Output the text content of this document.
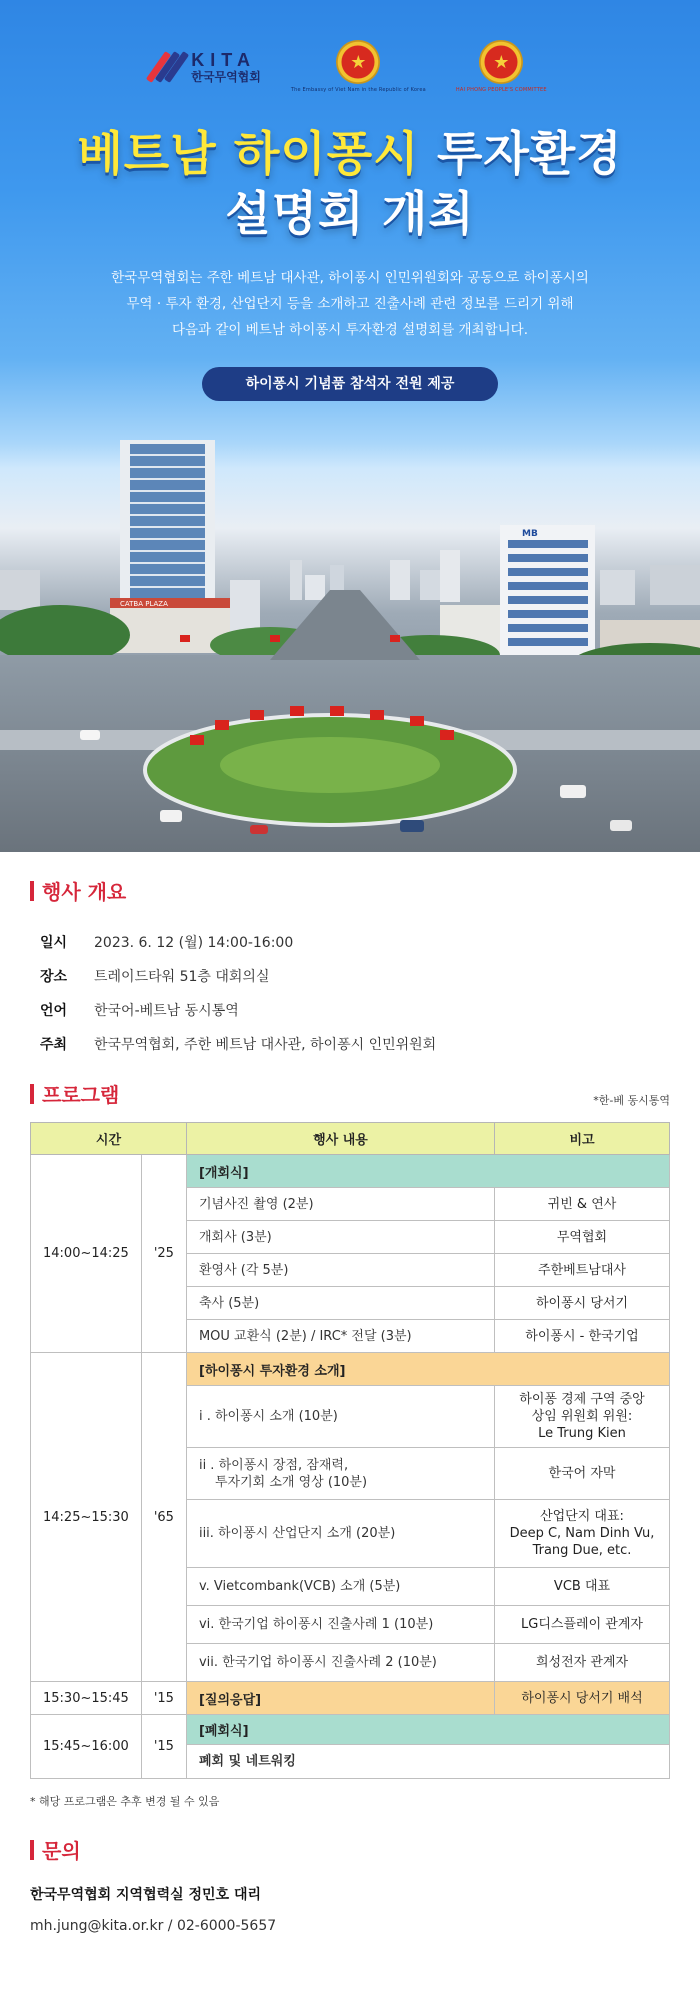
KITA
한국무역협회
★
The Embassy of Viet Nam in the Republic of Korea
★
HAI PHONG PEOPLE'S COMMITTEE
베트남 하이퐁시 투자환경
설명회 개최
한국무역협회는 주한 베트남 대사관, 하이퐁시 인민위원회와 공동으로 하이퐁시의
무역 · 투자 환경, 산업단지 등을 소개하고 진출사례 관련 정보를 드리기 위해
다음과 같이 베트남 하이퐁시 투자환경 설명회를 개최합니다.
하이퐁시 기념품 참석자 전원 제공
CATBA PLAZA
MB
행사 개요
일시	2023. 6. 12 (월) 14:00-16:00
장소	트레이드타워 51층 대회의실
언어	한국어-베트남 동시통역
주최	한국무역협회, 주한 베트남 대사관, 하이퐁시 인민위원회
프로그램	*한-베 동시통역
시간		행사 내용	비고
14:00~14:25	'25	[개회식]	
		기념사진 촬영 (2분)	귀빈 & 연사
		개회사 (3분)	무역협회
		환영사 (각 5분)	주한베트남대사
		축사 (5분)	하이퐁시 당서기
		MOU 교환식 (2분) / IRC* 전달 (3분)	하이퐁시 - 한국기업
14:25~15:30	'65	[하이퐁시 투자환경 소개]	
		i . 하이퐁시 소개 (10분)	하이퐁 경제 구역 중앙
상임 위원회 위원:
Le Trung Kien

		ii . 하이퐁시 장점, 잠재력,
투자기회 소개 영상 (10분)	한국어 자막
		iii. 하이퐁시 산업단지 소개 (20분)	산업단지 대표:
Deep C, Nam Dinh Vu,
Trang Due, etc.

		v. Vietcombank(VCB) 소개 (5분)	VCB 대표
		vi. 한국기업 하이퐁시 진출사례 1 (10분)	LG디스플레이 관계자
		vii. 한국기업 하이퐁시 진출사례 2 (10분)	희성전자 관계자
15:30~15:45	'15	[질의응답]	하이퐁시 당서기 배석
15:45~16:00	'15	[폐회식]	
		폐회 및 네트워킹	
* 해당 프로그램은 추후 변경 될 수 있음
문의
한국무역협회 지역협력실 정민호 대리
mh.jung@kita.or.kr / 02-6000-5657
